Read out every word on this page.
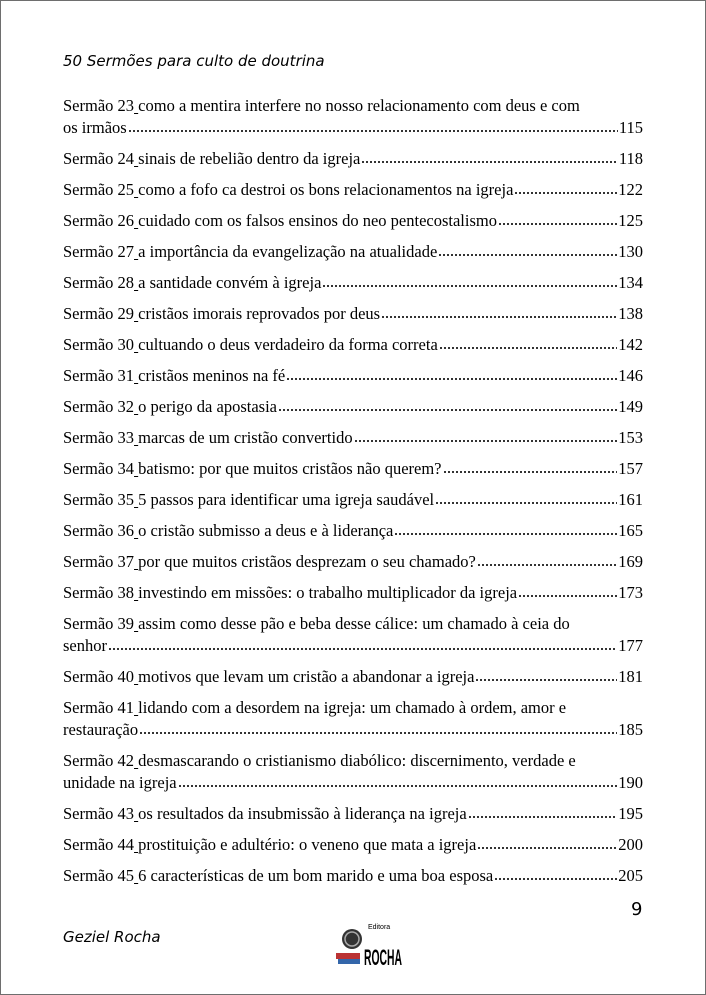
50 Sermões para culto de doutrina
Sermão 23 como a mentira interfere no nosso relacionamento com deus e com
os irmãos	115
Sermão 24 sinais de rebelião dentro da igreja	118
Sermão 25 como a fofo ca destroi os bons relacionamentos na igreja	122
Sermão 26 cuidado com os falsos ensinos do neo pentecostalismo	125
Sermão 27 a importância da evangelização na atualidade	130
Sermão 28 a santidade convém à igreja	134
Sermão 29 cristãos imorais reprovados por deus	138
Sermão 30 cultuando o deus verdadeiro da forma correta	142
Sermão 31 cristãos meninos na fé	146
Sermão 32 o perigo da apostasia	149
Sermão 33 marcas de um cristão convertido	153
Sermão 34 batismo: por que muitos cristãos não querem?	157
Sermão 35 5 passos para identificar uma igreja saudável	161
Sermão 36 o cristão submisso a deus e à liderança	165
Sermão 37 por que muitos cristãos desprezam o seu chamado?	169
Sermão 38 investindo em missões: o trabalho multiplicador da igreja	173
Sermão 39 assim como desse pão e beba desse cálice: um chamado à ceia do
senhor	177
Sermão 40 motivos que levam um cristão a abandonar a igreja	181
Sermão 41 lidando com a desordem na igreja: um chamado à ordem, amor e
restauração	185
Sermão 42 desmascarando o cristianismo diabólico: discernimento, verdade e
unidade na igreja	190
Sermão 43 os resultados da insubmissão à liderança na igreja	195
Sermão 44 prostituição e adultério: o veneno que mata a igreja	200
Sermão 45 6 características de um bom marido e uma boa esposa	205
9
Geziel Rocha
Editora
ROCHA
